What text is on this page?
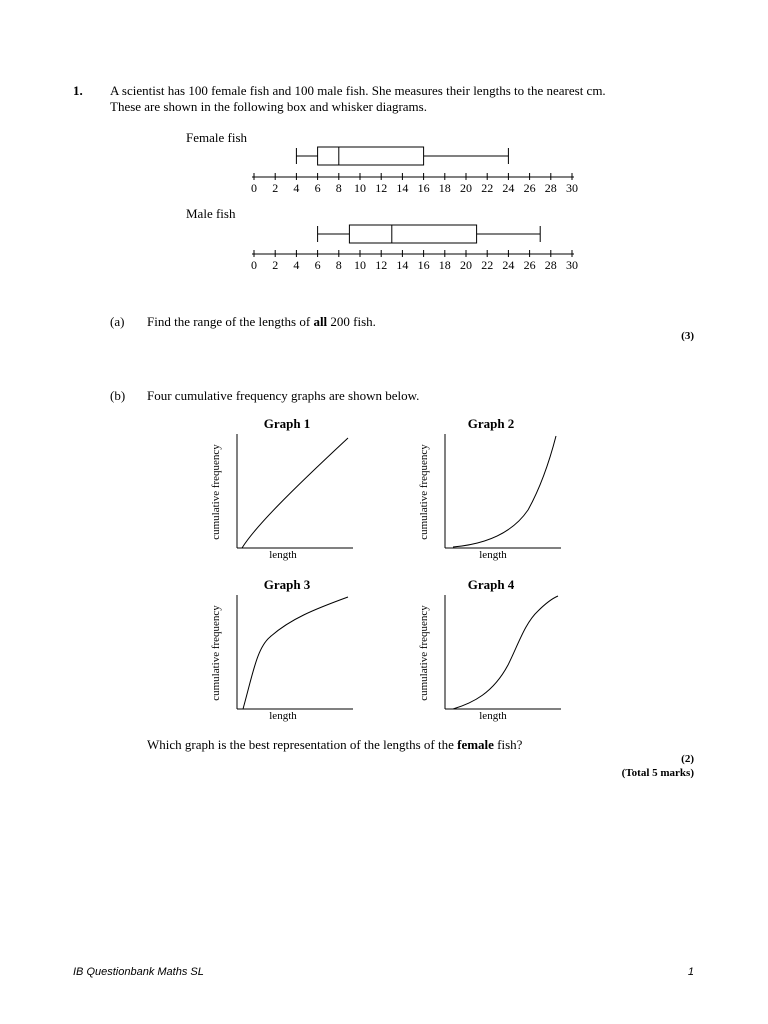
1. A scientist has 100 female fish and 100 male fish. She measures their lengths to the nearest cm.
These are shown in the following box and whisker diagrams.
Female fish
0 2 4 6 8 10 12 14 16 18 20 22 24 26 28 30
Male fish
0 2 4 6 8 10 12 14 16 18 20 22 24 26 28 30
(a) Find the range of the lengths of all 200 fish.
(3)
(b) Four cumulative frequency graphs are shown below.
Graph 1
cumulative frequency
length
Graph 2
cumulative frequency
length
Graph 3
cumulative frequency
length
Graph 4
cumulative frequency
length
Which graph is the best representation of the lengths of the female fish?
(2)
(Total 5 marks)
IB Questionbank Maths SL	1
